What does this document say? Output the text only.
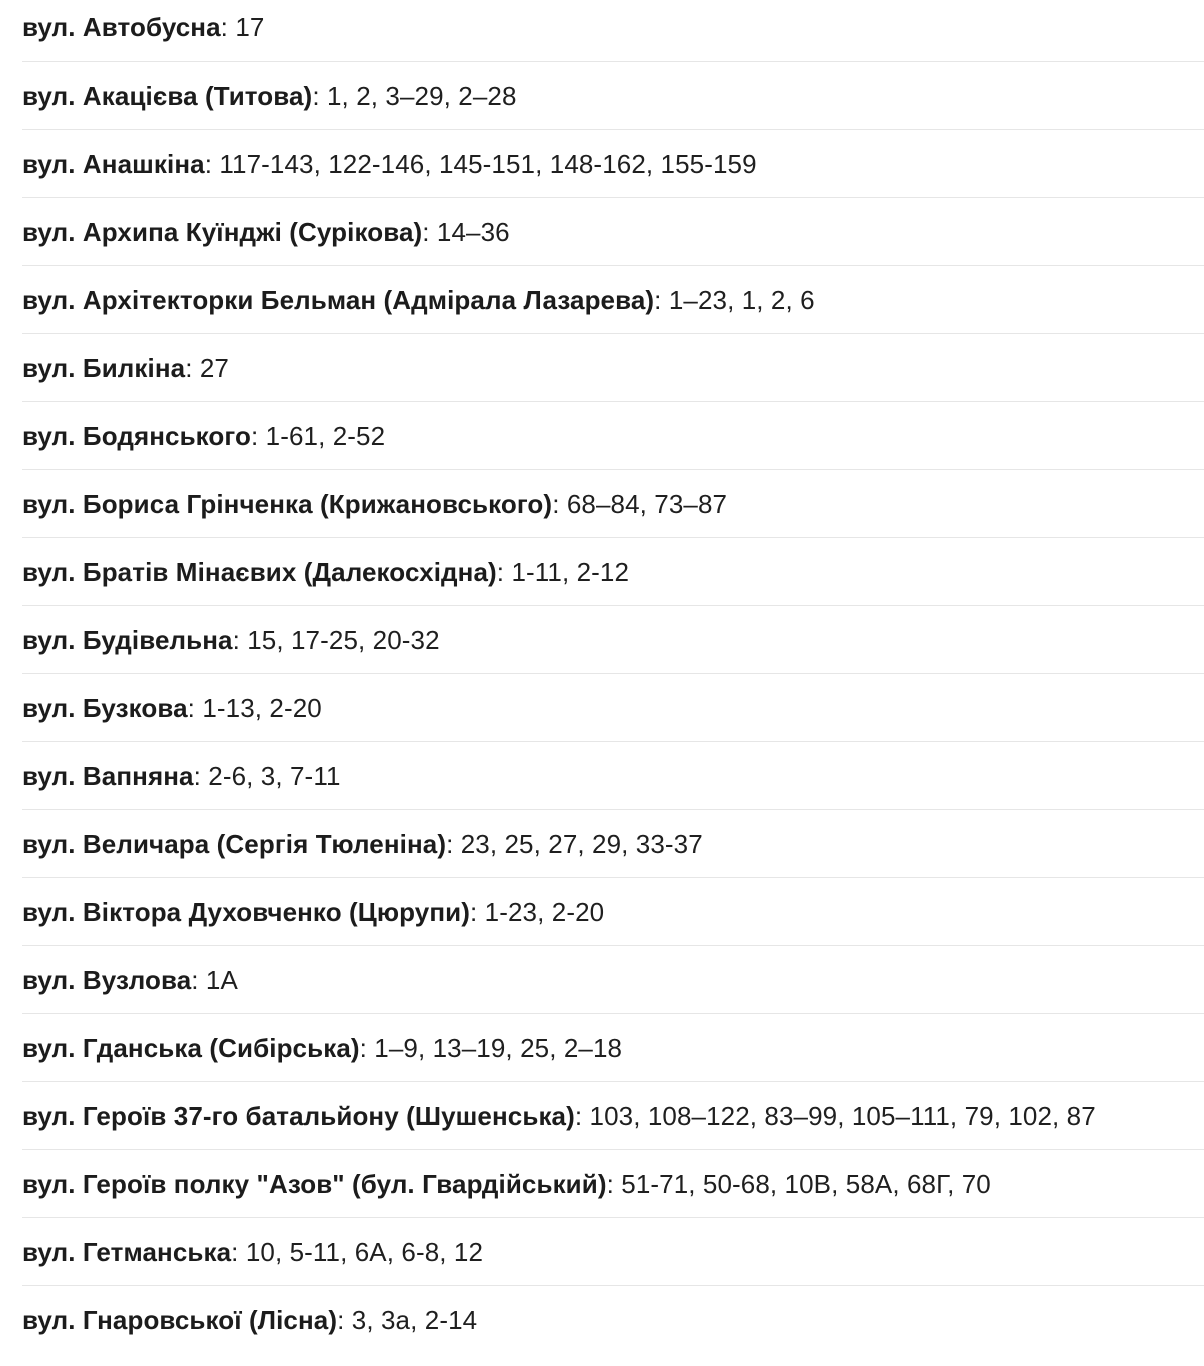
вул. Автобусна : 17
вул. Акацієва (Титова) : 1, 2, 3–29, 2–28
вул. Анашкіна : 117-143, 122-146, 145-151, 148-162, 155-159
вул. Архипа Куїнджі (Сурікова) : 14–36
вул. Архітекторки Бельман (Адмірала Лазарева) : 1–23, 1, 2, 6
вул. Билкіна : 27
вул. Бодянського : 1-61, 2-52
вул. Бориса Грінченка (Крижановського) : 68–84, 73–87
вул. Братів Мінаєвих (Далекосхідна) : 1-11, 2-12
вул. Будівельна : 15, 17-25, 20-32
вул. Бузкова : 1-13, 2-20
вул. Вапняна : 2-6, 3, 7-11
вул. Величара (Сергія Тюленіна) : 23, 25, 27, 29, 33-37
вул. Віктора Духовченко (Цюрупи) : 1-23, 2-20
вул. Вузлова : 1А
вул. Гданська (Сибірська) : 1–9, 13–19, 25, 2–18
вул. Героїв 37-го батальйону (Шушенська) : 103, 108–122, 83–99, 105–111, 79, 102, 87
вул. Героїв полку "Азов" (бул. Гвардійський) : 51-71, 50-68, 10В, 58А, 68Г, 70
вул. Гетманська : 10, 5-11, 6А, 6-8, 12
вул. Гнаровської (Лісна) : 3, 3а, 2-14
